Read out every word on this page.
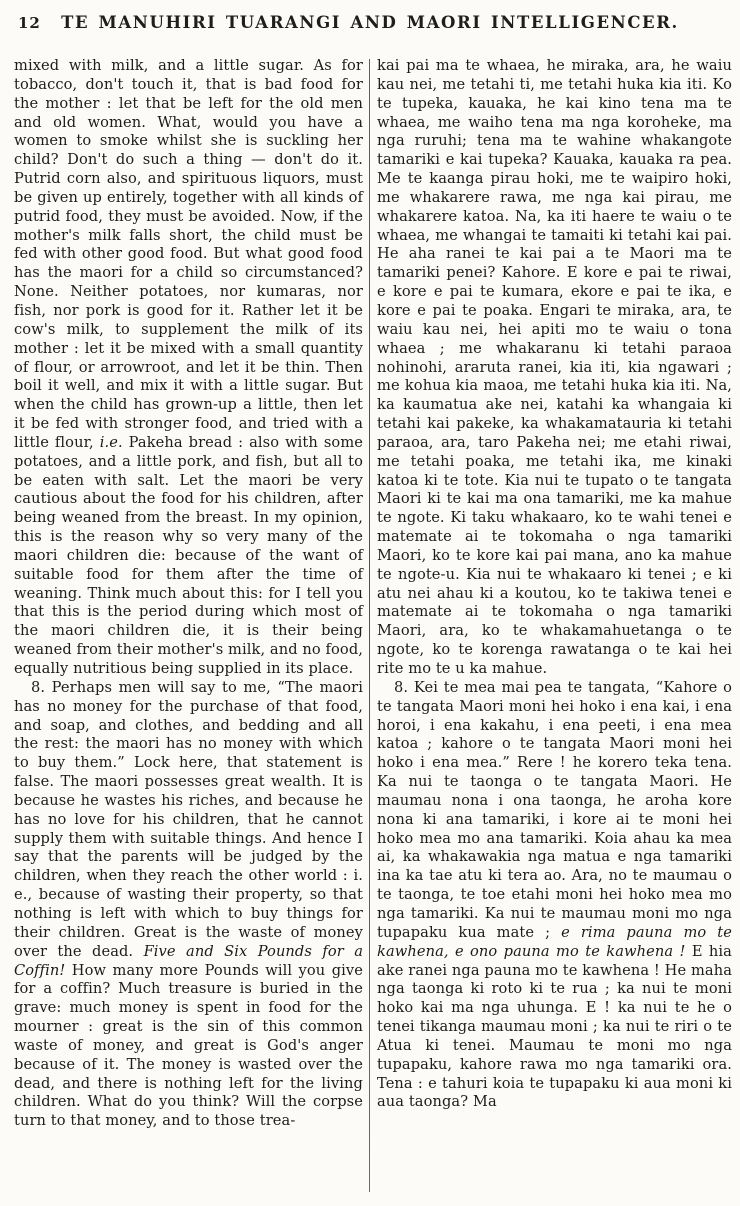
12	TE MANUHIRI TUARANGI AND MAORI INTELLIGENCER.

mixed with milk, and a little sugar. As for tobacco, don't touch it, that is bad food for the mother : let that be left for the old men and old women. What, would you have a women to smoke whilst she is suckling her child? Don't do such a thing — don't do it. Putrid corn also, and spirituous liquors, must be given up entirely, together with all kinds of putrid food, they must be avoided. Now, if the mother's milk falls short, the child must be fed with other good food. But what good food has the maori for a child so circumstanced? None. Neither potatoes, nor kumaras, nor fish, nor pork is good for it. Rather let it be cow's milk, to supplement the milk of its mother : let it be mixed with a small quantity of flour, or arrowroot, and let it be thin. Then boil it well, and mix it with a little sugar. But when the child has grown-up a little, then let it be fed with stronger food, and tried with a little flour, i.e. Pakeha bread : also with some potatoes, and a little pork, and fish, but all to be eaten with salt. Let the maori be very cautious about the food for his children, after being weaned from the breast. In my opinion, this is the reason why so very many of the maori children die: because of the want of suitable food for them after the time of weaning. Think much about this: for I tell you that this is the period during which most of the maori children die, it is their being weaned from their mother's milk, and no food, equally nutritious being supplied in its place.

8. Perhaps men will say to me, “The maori has no money for the purchase of that food, and soap, and clothes, and bedding and all the rest: the maori has no money with which to buy them.” Lock here, that statement is false. The maori possesses great wealth. It is because he wastes his riches, and because he has no love for his children, that he cannot supply them with suitable things. And hence I say that the parents will be judged by the children, when they reach the other world : i. e., because of wasting their property, so that nothing is left with which to buy things for their children. Great is the waste of money over the dead. Five and Six Pounds for a Coffin! How many more Pounds will you give for a coffin? Much treasure is buried in the grave: much money is spent in food for the mourner : great is the sin of this common waste of money, and great is God's anger because of it. The money is wasted over the dead, and there is nothing left for the living children. What do you think? Will the corpse turn to that money, and to those trea-

kai pai ma te whaea, he miraka, ara, he waiu kau nei, me tetahi ti, me tetahi huka kia iti. Ko te tupeka, kauaka, he kai kino tena ma te whaea, me waiho tena ma nga koroheke, ma nga ruruhi; tena ma te wahine whakangote tamariki e kai tupeka? Kauaka, kauaka ra pea. Me te kaanga pirau hoki, me te waipiro hoki, me whakarere rawa, me nga kai pirau, me whakarere katoa. Na, ka iti haere te waiu o te whaea, me whangai te tamaiti ki tetahi kai pai. He aha ranei te kai pai a te Maori ma te tamariki penei? Kahore. E kore e pai te riwai, e kore e pai te kumara, ekore e pai te ika, e kore e pai te poaka. Engari te miraka, ara, te waiu kau nei, hei apiti mo te waiu o tona whaea ; me whakaranu ki tetahi paraoa nohinohi, araruta ranei, kia iti, kia ngawari ; me kohua kia maoa, me tetahi huka kia iti. Na, ka kaumatua ake nei, katahi ka whangaia ki tetahi kai pakeke, ka whakamatauria ki tetahi paraoa, ara, taro Pakeha nei; me etahi riwai, me tetahi poaka, me tetahi ika, me kinaki katoa ki te tote. Kia nui te tupato o te tangata Maori ki te kai ma ona tamariki, me ka mahue te ngote. Ki taku whakaaro, ko te wahi tenei e matemate ai te tokomaha o nga tamariki Maori, ko te kore kai pai mana, ano ka mahue te ngote-u. Kia nui te whakaaro ki tenei ; e ki atu nei ahau ki a koutou, ko te takiwa tenei e matemate ai te tokomaha o nga tamariki Maori, ara, ko te whakamahuetanga o te ngote, ko te korenga rawatanga o te kai hei rite mo te u ka mahue.

8. Kei te mea mai pea te tangata, “Kahore o te tangata Maori moni hei hoko i ena kai, i ena horoi, i ena kakahu, i ena peeti, i ena mea katoa ; kahore o te tangata Maori moni hei hoko i ena mea.” Rere ! he korero teka tena. Ka nui te taonga o te tangata Maori. He maumau nona i ona taonga, he aroha kore nona ki ana tamariki, i kore ai te moni hei hoko mea mo ana tamariki. Koia ahau ka mea ai, ka whakawakia nga matua e nga tamariki ina ka tae atu ki tera ao. Ara, no te maumau o te taonga, te toe etahi moni hei hoko mea mo nga tamariki. Ka nui te maumau moni mo nga tupapaku kua mate ; e rima pauna mo te kawhena, e ono pauna mo te kawhena ! E hia ake ranei nga pauna mo te kawhena ! He maha nga taonga ki roto ki te rua ; ka nui te moni hoko kai ma nga uhunga. E ! ka nui te he o tenei tikanga maumau moni ; ka nui te riri o te Atua ki tenei. Maumau te moni mo nga tupapaku, kahore rawa mo nga tamariki ora. Tena : e tahuri koia te tupapaku ki aua moni ki aua taonga? Ma
